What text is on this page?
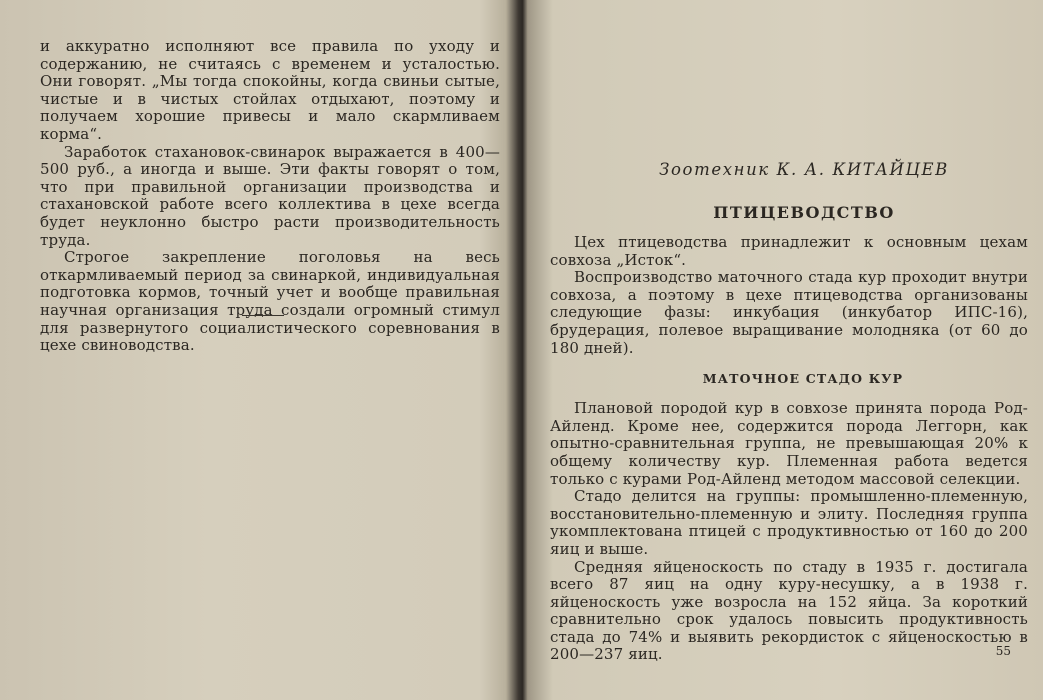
и аккуратно исполняют все правила по уходу и содержанию, не считаясь с временем и усталостью. Они говорят. „Мы тогда спокойны, когда свиньи сытые, чистые и в чистых стойлах отдыхают, поэтому и получаем хорошие привесы и мало скармливаем корма“.

Заработок стахановок-свинарок выражается в 400—500 руб., а иногда и выше. Эти факты говорят о том, что при правильной организации производства и стахановской работе всего коллектива в цехе всегда будет неуклонно быстро расти производительность труда.

Строгое закрепление поголовья на весь откармливаемый период за свинаркой, индивидуальная подготовка кормов, точный учет и вообще правильная научная организация труда создали огромный стимул для развернутого социалистического соревнования в цехе свиноводства.

Зоотехник К. А. КИТАЙЦЕВ
ПТИЦЕВОДСТВО

Цех птицеводства принадлежит к основным цехам совхоза „Исток“.

Воспроизводство маточного стада кур проходит внутри совхоза, а поэтому в цехе птицеводства организованы следующие фазы: инкубация (инкубатор ИПС-16), брудерация, полевое выращивание молодняка (от 60 до 180 дней).

МАТОЧНОЕ СТАДО КУР

Плановой породой кур в совхозе принята порода Род-Айленд. Кроме нее, содержится порода Леггорн, как опытно-сравнительная группа, не превышающая 20% к общему количеству кур. Племенная работа ведется только с курами Род-Айленд методом массовой селекции.

Стадо делится на группы: промышленно-племенную, восстановительно-племенную и элиту. Последняя группа укомплектована птицей с продуктивностью от 160 до 200 яиц и выше.

Средняя яйценоскость по стаду в 1935 г. достигала всего 87 яиц на одну куру-несушку, а в 1938 г. яйценоскость уже возросла на 152 яйца. За короткий сравнительно срок удалось повысить продуктивность стада до 74% и выявить рекордисток с яйценоскостью в 200—237 яиц.	55
